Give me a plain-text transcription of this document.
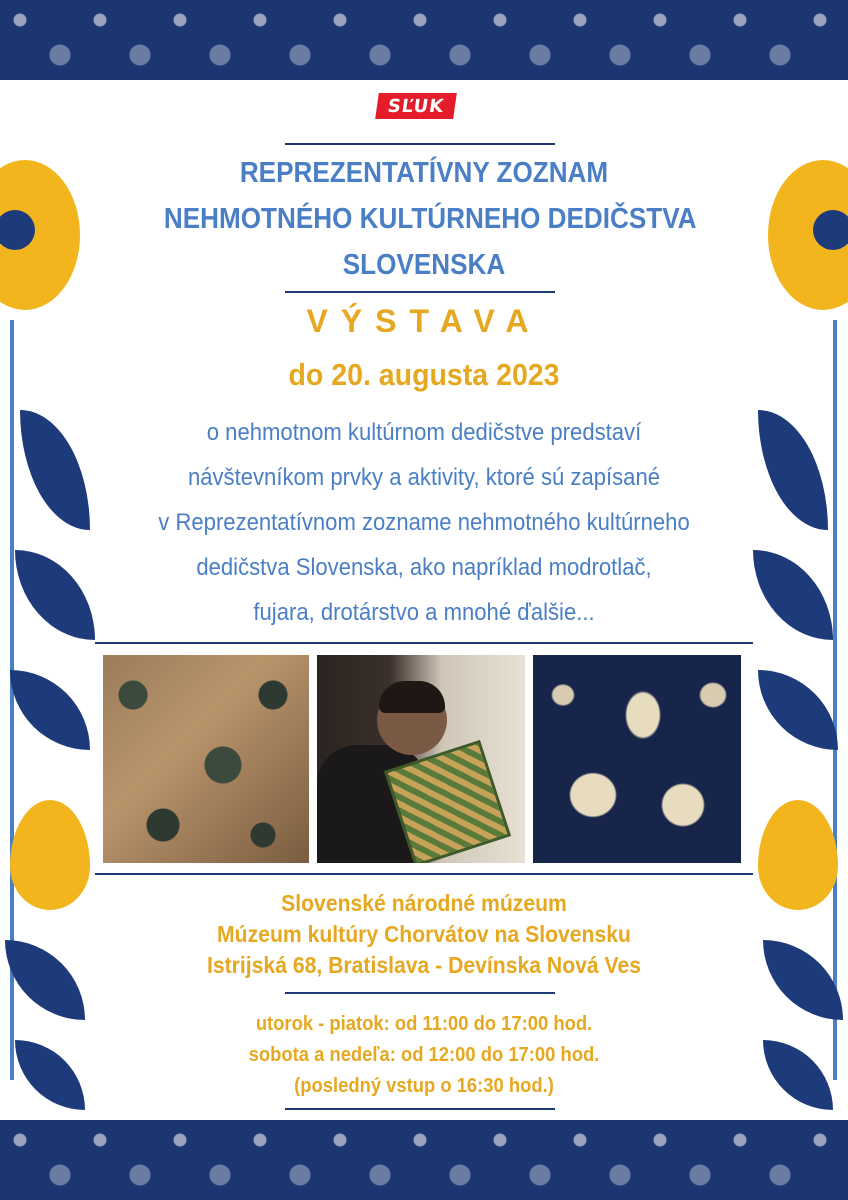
SĽUK
REPREZENTATÍVNY ZOZNAM
NEHMOTNÉHO KULTÚRNEHO DEDIČSTVA
SLOVENSKA
VÝSTAVA
do 20. augusta 2023
o nehmotnom kultúrnom dedičstve predstaví
návštevníkom prvky a aktivity, ktoré sú zapísané
v Reprezentatívnom zozname nehmotného kultúrneho
dedičstva Slovenska, ako napríklad modrotlač,
fujara, drotárstvo a mnohé ďalšie...
Slovenské národné múzeum
Múzeum kultúry Chorvátov na Slovensku
Istrijská 68, Bratislava - Devínska Nová Ves
utorok - piatok: od 11:00 do 17:00 hod.
sobota a nedeľa: od 12:00 do 17:00 hod.
(posledný vstup o 16:30 hod.)
